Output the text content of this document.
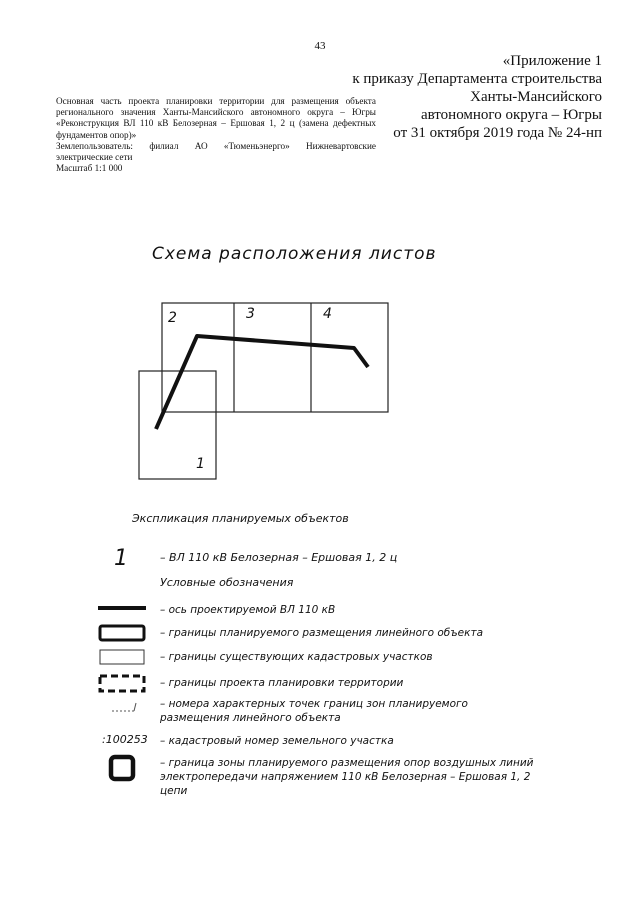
43
«Приложение 1
к приказу Департамента строительства
Ханты-Мансийского
автономного округа – Югры
от 31 октября 2019 года № 24-нп
Основная часть проекта планировки территории для размещения объекта регионального значения Ханты-Мансийского автономного округа – Югры «Реконструкция ВЛ 110 кВ Белозерная – Ершовая 1, 2 ц (замена дефектных фундаментов опор)»
Землепользователь: филиал АО «Тюменьэнерго» Нижневартовские электрические сети
Масштаб 1:1 000
Схема расположения листов
1
2	3	4
Экспликация планируемых объектов
1	– ВЛ 110 кВ Белозерная – Ершовая 1, 2 ц
Условные обозначения
– ось проектируемой ВЛ 110 кВ
– границы планируемого размещения линейного объекта
– границы существующих кадастровых участков
– границы проекта планировки территории
– номера характерных точек границ зон планируемого размещения линейного объекта
:100253 – кадастровый номер земельного участка
– граница зоны планируемого размещения опор воздушных линий электропередачи напряжением 110 кВ Белозерная – Ершовая 1, 2 цепи
